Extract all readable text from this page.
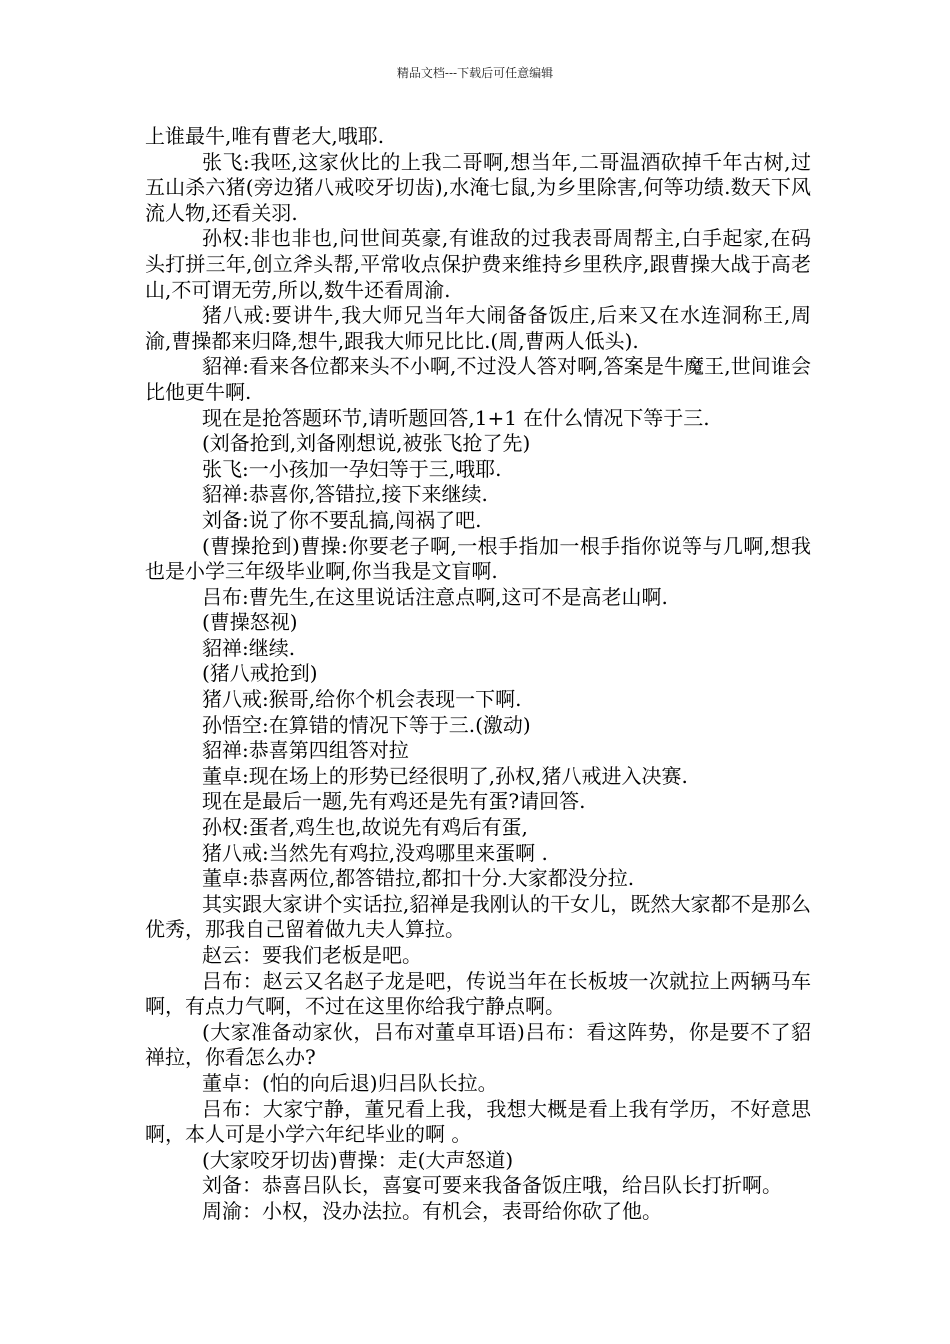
精品文档---下载后可任意编辑

上谁最牛,唯有曹老大,哦耶.

张飞:我呸,这家伙比的上我二哥啊,想当年,二哥温酒砍掉千年古树,过五山杀六猪(旁边猪八戒咬牙切齿),水淹七鼠,为乡里除害,何等功绩.数天下风流人物,还看关羽.

孙权:非也非也,问世间英豪,有谁敌的过我表哥周帮主,白手起家,在码头打拼三年,创立斧头帮,平常收点保护费来维持乡里秩序,跟曹操大战于高老山,不可谓无劳,所以,数牛还看周渝.

猪八戒:要讲牛,我大师兄当年大闹备备饭庄,后来又在水连洞称王,周渝,曹操都来归降,想牛,跟我大师兄比比.(周,曹两人低头).

貂禅:看来各位都来头不小啊,不过没人答对啊,答案是牛魔王,世间谁会比他更牛啊.

现在是抢答题环节,请听题回答,1+1 在什么情况下等于三.

(刘备抢到,刘备刚想说,被张飞抢了先)

张飞:一小孩加一孕妇等于三,哦耶.

貂禅:恭喜你,答错拉,接下来继续.

刘备:说了你不要乱搞,闯祸了吧.

(曹操抢到)曹操:你要老子啊,一根手指加一根手指你说等与几啊,想我也是小学三年级毕业啊,你当我是文盲啊.

吕布:曹先生,在这里说话注意点啊,这可不是高老山啊.

(曹操怒视)

貂禅:继续.

(猪八戒抢到)

猪八戒:猴哥,给你个机会表现一下啊.

孙悟空:在算错的情况下等于三.(激动)

貂禅:恭喜第四组答对拉

董卓:现在场上的形势已经很明了,孙权,猪八戒进入决赛.

现在是最后一题,先有鸡还是先有蛋?请回答.

孙权:蛋者,鸡生也,故说先有鸡后有蛋,

猪八戒:当然先有鸡拉,没鸡哪里来蛋啊 .

董卓:恭喜两位,都答错拉,都扣十分.大家都没分拉.

其实跟大家讲个实话拉,貂禅是我刚认的干女儿，既然大家都不是那么优秀，那我自己留着做九夫人算拉。

赵云：要我们老板是吧。

吕布：赵云又名赵子龙是吧，传说当年在长板坡一次就拉上两辆马车啊，有点力气啊，不过在这里你给我宁静点啊。

(大家准备动家伙，吕布对董卓耳语)吕布：看这阵势，你是要不了貂禅拉，你看怎么办?

董卓：(怕的向后退)归吕队长拉。

吕布：大家宁静，董兄看上我，我想大概是看上我有学历，不好意思啊，本人可是小学六年纪毕业的啊 。

(大家咬牙切齿)曹操：走(大声怒道)

刘备：恭喜吕队长，喜宴可要来我备备饭庄哦，给吕队长打折啊。

周渝：小权，没办法拉。有机会，表哥给你砍了他。
